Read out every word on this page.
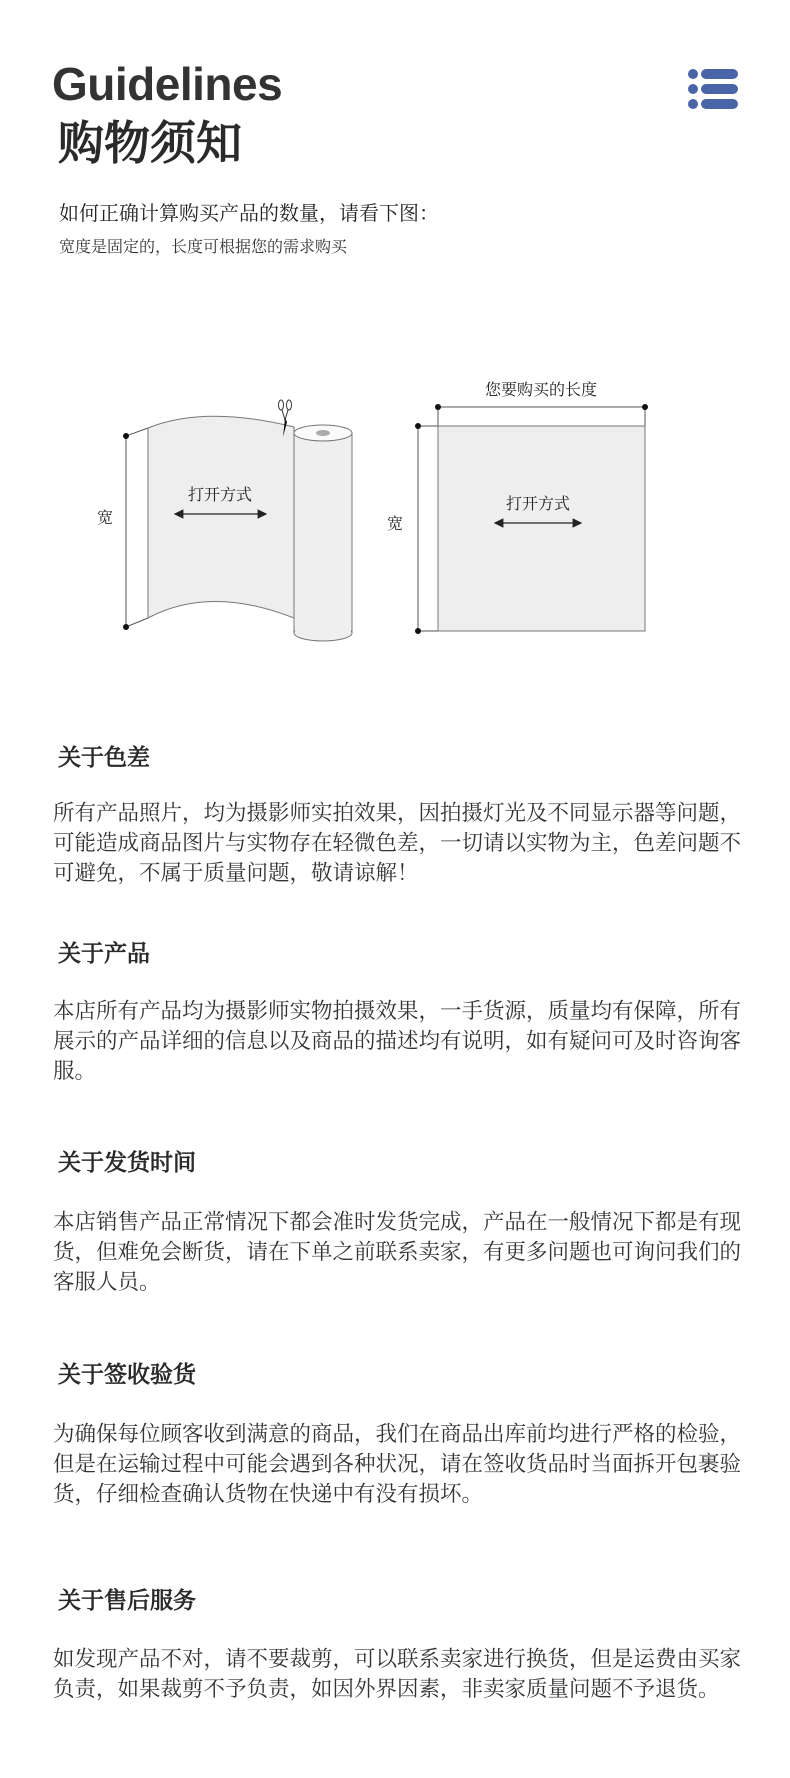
Guidelines
购物须知
如何正确计算购买产品的数量，请看下图：
宽度是固定的，长度可根据您的需求购买
打开方式
宽
您要购买的长度
宽
打开方式
关于色差
所有产品照片，均为摄影师实拍效果，因拍摄灯光及不同显示器等问题，
可能造成商品图片与实物存在轻微色差，一切请以实物为主，色差问题不
可避免，不属于质量问题，敬请谅解！
关于产品
本店所有产品均为摄影师实物拍摄效果，一手货源，质量均有保障，所有
展示的产品详细的信息以及商品的描述均有说明，如有疑问可及时咨询客
服。
关于发货时间
本店销售产品正常情况下都会准时发货完成，产品在一般情况下都是有现
货，但难免会断货，请在下单之前联系卖家，有更多问题也可询问我们的
客服人员。
关于签收验货
为确保每位顾客收到满意的商品，我们在商品出库前均进行严格的检验，
但是在运输过程中可能会遇到各种状况，请在签收货品时当面拆开包裹验
货，仔细检查确认货物在快递中有没有损坏。
关于售后服务
如发现产品不对，请不要裁剪，可以联系卖家进行换货，但是运费由买家
负责，如果裁剪不予负责，如因外界因素，非卖家质量问题不予退货。
